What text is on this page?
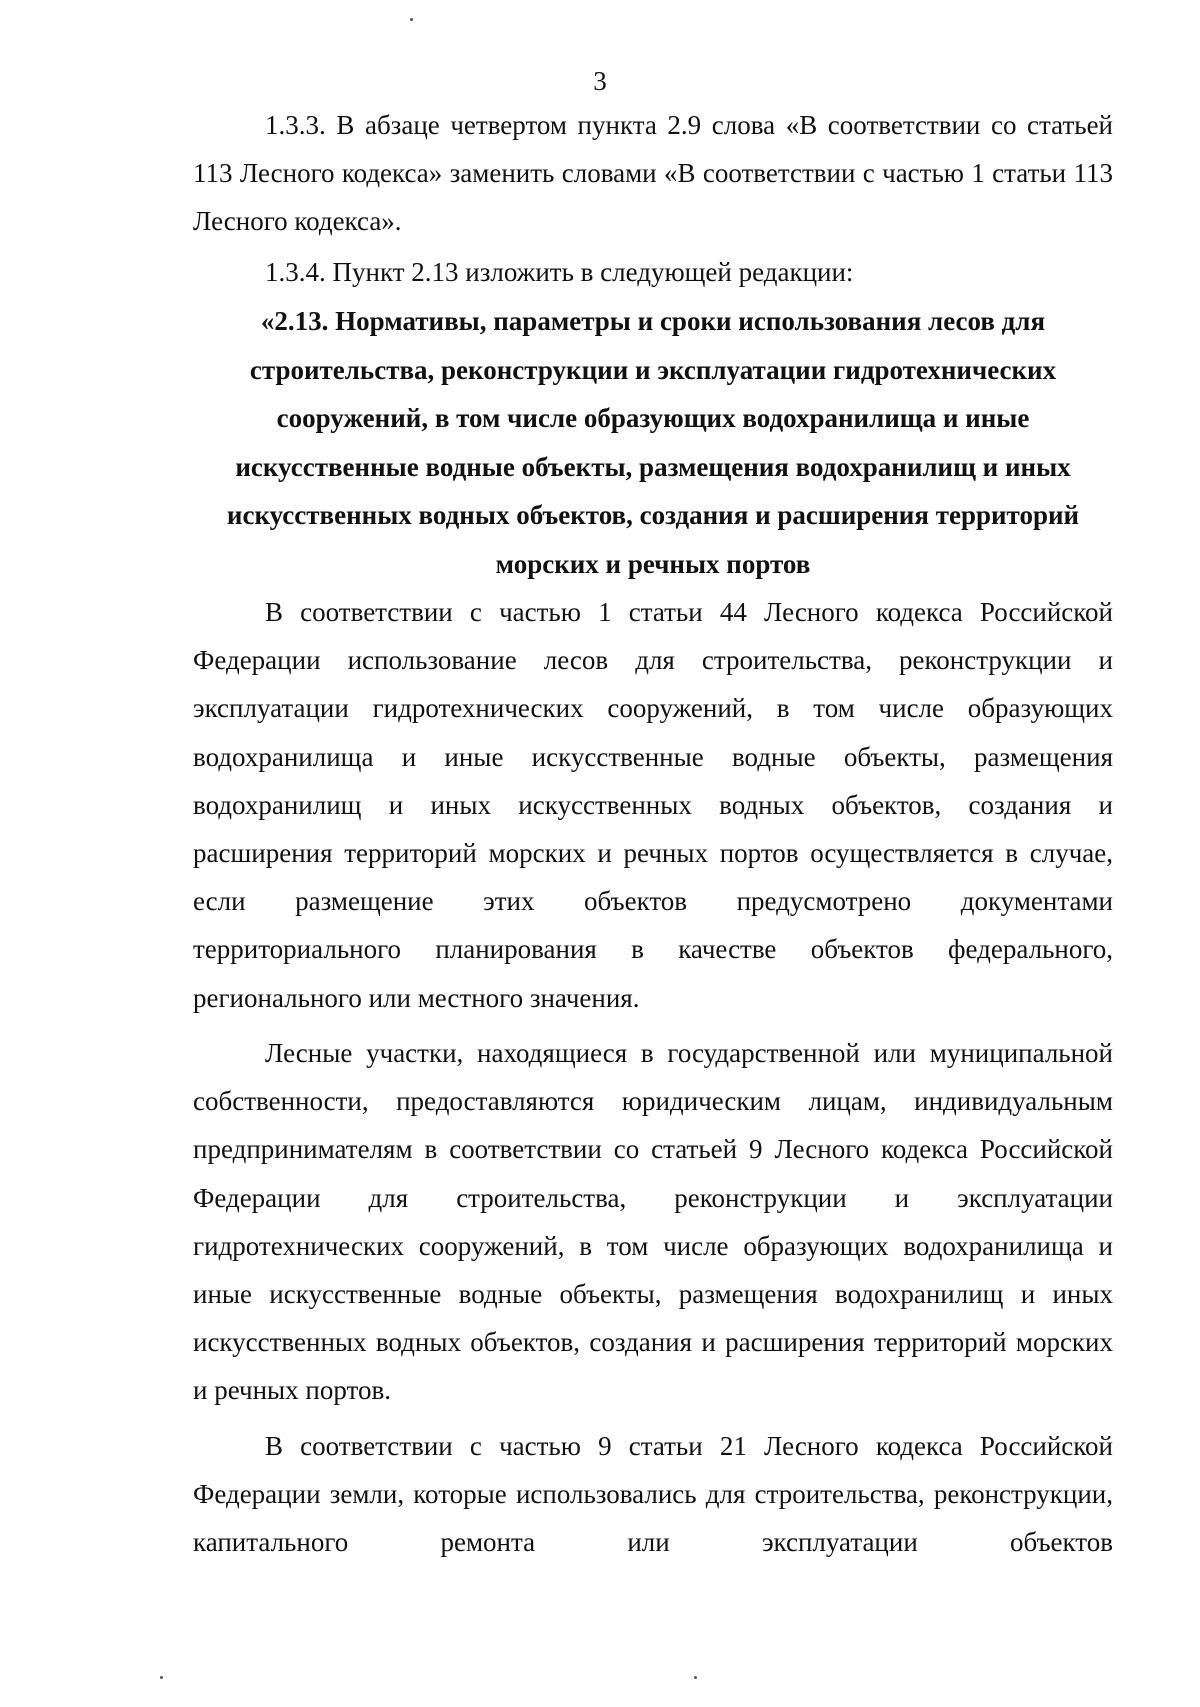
3

1.3.3. В абзаце четвертом пункта 2.9 слова «В соответствии со статьей 113 Лесного кодекса» заменить словами «В соответствии с частью 1 статьи 113 Лесного кодекса».

1.3.4. Пункт 2.13 изложить в следующей редакции:

«2.13. Нормативы, параметры и сроки использования лесов для строительства, реконструкции и эксплуатации гидротехнических сооружений, в том числе образующих водохранилища и иные искусственные водные объекты, размещения водохранилищ и иных искусственных водных объектов, создания и расширения территорий морских и речных портов

В соответствии с частью 1 статьи 44 Лесного кодекса Российской Федерации использование лесов для строительства, реконструкции и эксплуатации гидротехнических сооружений, в том числе образующих водохранилища и иные искусственные водные объекты, размещения водохранилищ и иных искусственных водных объектов, создания и расширения территорий морских и речных портов осуществляется в случае, если размещение этих объектов предусмотрено документами территориального планирования в качестве объектов федерального, регионального или местного значения.

Лесные участки, находящиеся в государственной или муниципальной собственности, предоставляются юридическим лицам, индивидуальным предпринимателям в соответствии со статьей 9 Лесного кодекса Российской Федерации для строительства, реконструкции и эксплуатации гидротехнических сооружений, в том числе образующих водохранилища и иные искусственные водные объекты, размещения водохранилищ и иных искусственных водных объектов, создания и расширения территорий морских и речных портов.

В соответствии с частью 9 статьи 21 Лесного кодекса Российской Федерации земли, которые использовались для строительства, реконструкции, капитального ремонта или эксплуатации объектов
